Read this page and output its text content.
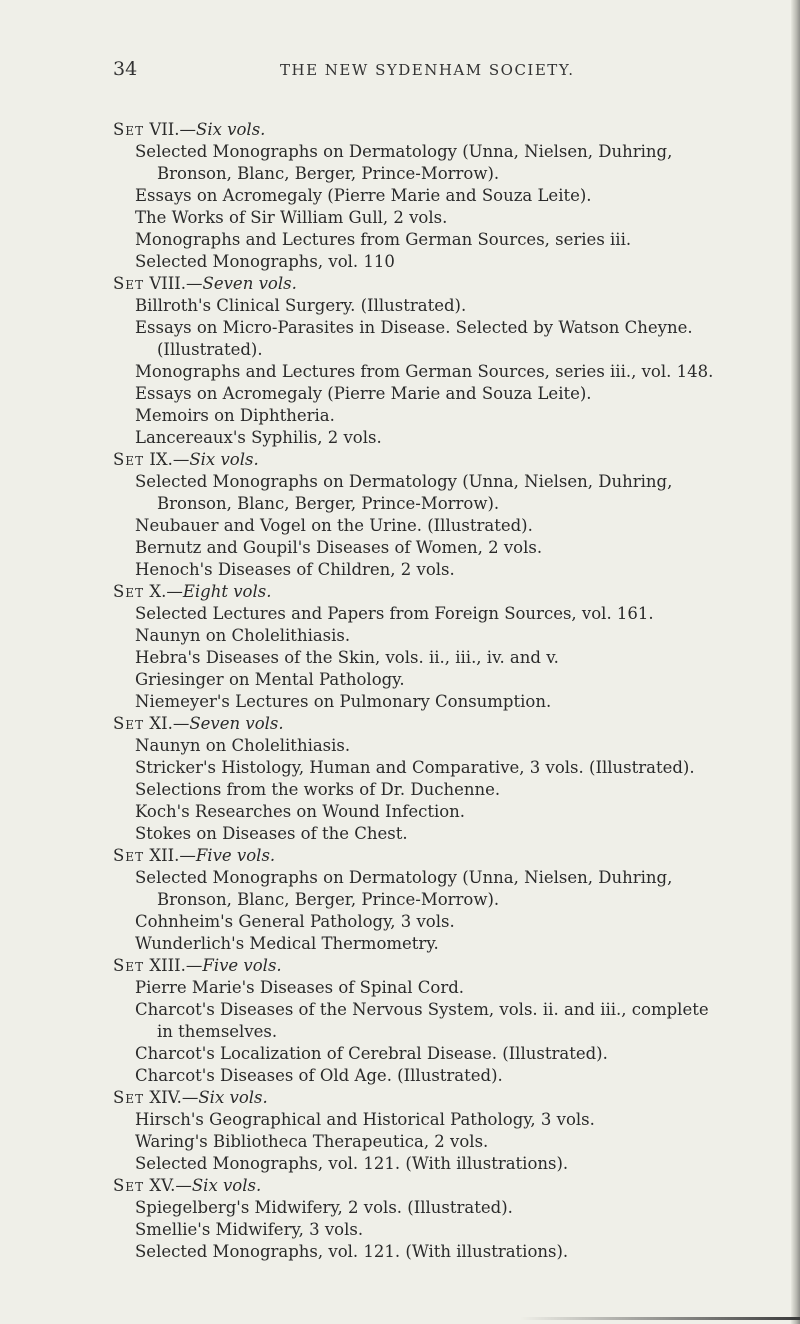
34	THE NEW SYDENHAM SOCIETY.
Set VII.—Six vols.
Selected Monographs on Dermatology (Unna, Nielsen, Duhring,
Bronson, Blanc, Berger, Prince-Morrow).
Essays on Acromegaly (Pierre Marie and Souza Leite).
The Works of Sir William Gull, 2 vols.
Monographs and Lectures from German Sources, series iii.
Selected Monographs, vol. 110
Set VIII.—Seven vols.
Billroth's Clinical Surgery. (Illustrated).
Essays on Micro-Parasites in Disease. Selected by Watson Cheyne.
(Illustrated).
Monographs and Lectures from German Sources, series iii., vol. 148.
Essays on Acromegaly (Pierre Marie and Souza Leite).
Memoirs on Diphtheria.
Lancereaux's Syphilis, 2 vols.
Set IX.—Six vols.
Selected Monographs on Dermatology (Unna, Nielsen, Duhring,
Bronson, Blanc, Berger, Prince-Morrow).
Neubauer and Vogel on the Urine. (Illustrated).
Bernutz and Goupil's Diseases of Women, 2 vols.
Henoch's Diseases of Children, 2 vols.
Set X.—Eight vols.
Selected Lectures and Papers from Foreign Sources, vol. 161.
Naunyn on Cholelithiasis.
Hebra's Diseases of the Skin, vols. ii., iii., iv. and v.
Griesinger on Mental Pathology.
Niemeyer's Lectures on Pulmonary Consumption.
Set XI.—Seven vols.
Naunyn on Cholelithiasis.
Stricker's Histology, Human and Comparative, 3 vols. (Illustrated).
Selections from the works of Dr. Duchenne.
Koch's Researches on Wound Infection.
Stokes on Diseases of the Chest.
Set XII.—Five vols.
Selected Monographs on Dermatology (Unna, Nielsen, Duhring,
Bronson, Blanc, Berger, Prince-Morrow).
Cohnheim's General Pathology, 3 vols.
Wunderlich's Medical Thermometry.
Set XIII.—Five vols.
Pierre Marie's Diseases of Spinal Cord.
Charcot's Diseases of the Nervous System, vols. ii. and iii., complete
in themselves.
Charcot's Localization of Cerebral Disease. (Illustrated).
Charcot's Diseases of Old Age. (Illustrated).
Set XIV.—Six vols.
Hirsch's Geographical and Historical Pathology, 3 vols.
Waring's Bibliotheca Therapeutica, 2 vols.
Selected Monographs, vol. 121. (With illustrations).
Set XV.—Six vols.
Spiegelberg's Midwifery, 2 vols. (Illustrated).
Smellie's Midwifery, 3 vols.
Selected Monographs, vol. 121. (With illustrations).
